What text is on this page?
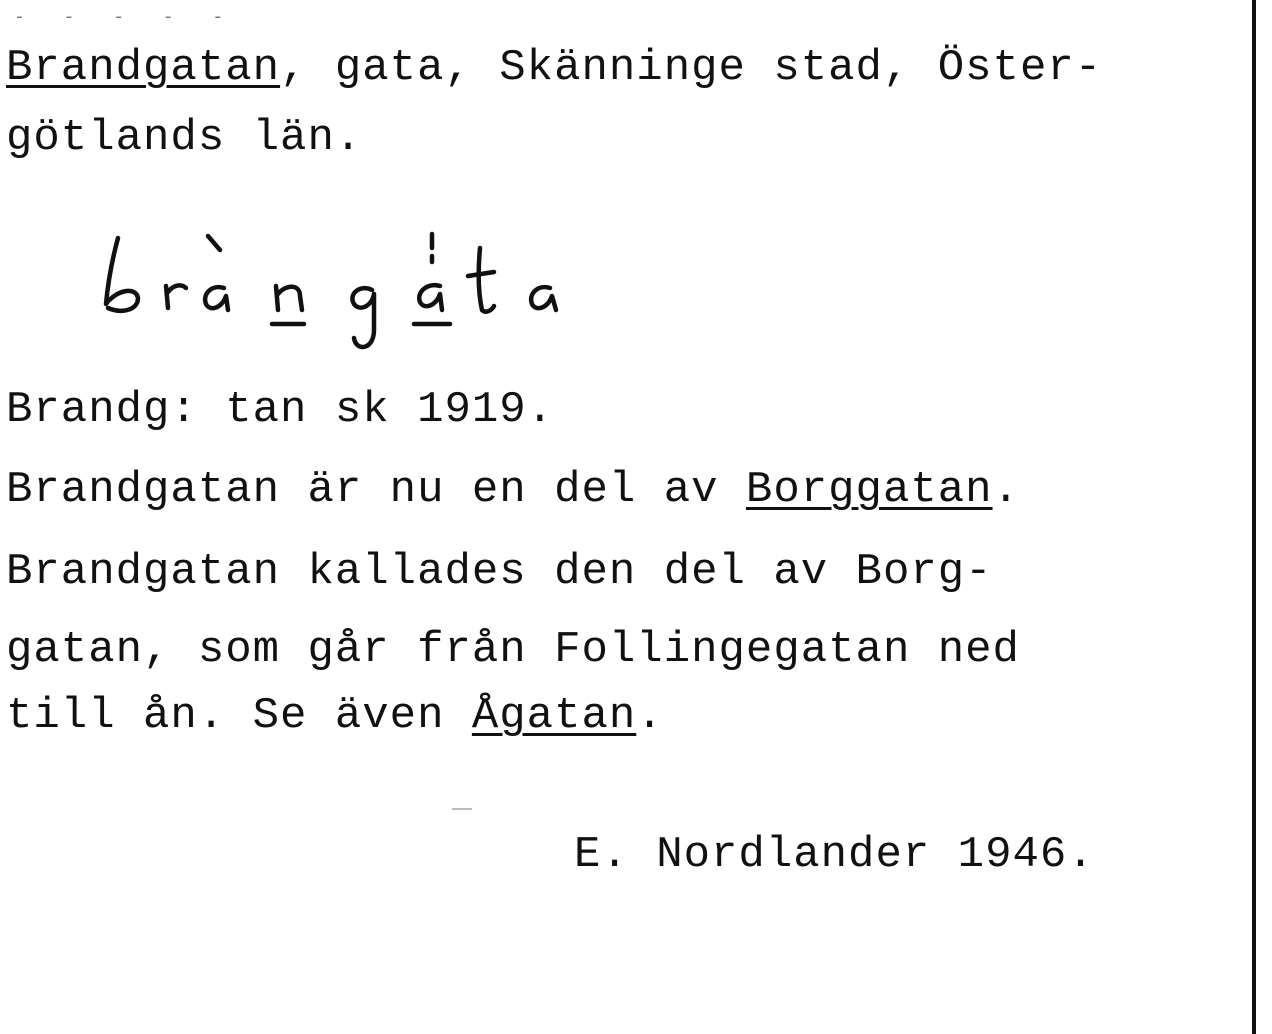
- - - - -
Brandgatan, gata, Skänninge stad, Öster-
götlands län.
Brandg: tan sk 1919.
Brandgatan är nu en del av Borggatan.
Brandgatan kallades den del av Borg-
gatan, som går från Follingegatan ned
till ån. Se även Ågatan.
E. Nordlander 1946.
